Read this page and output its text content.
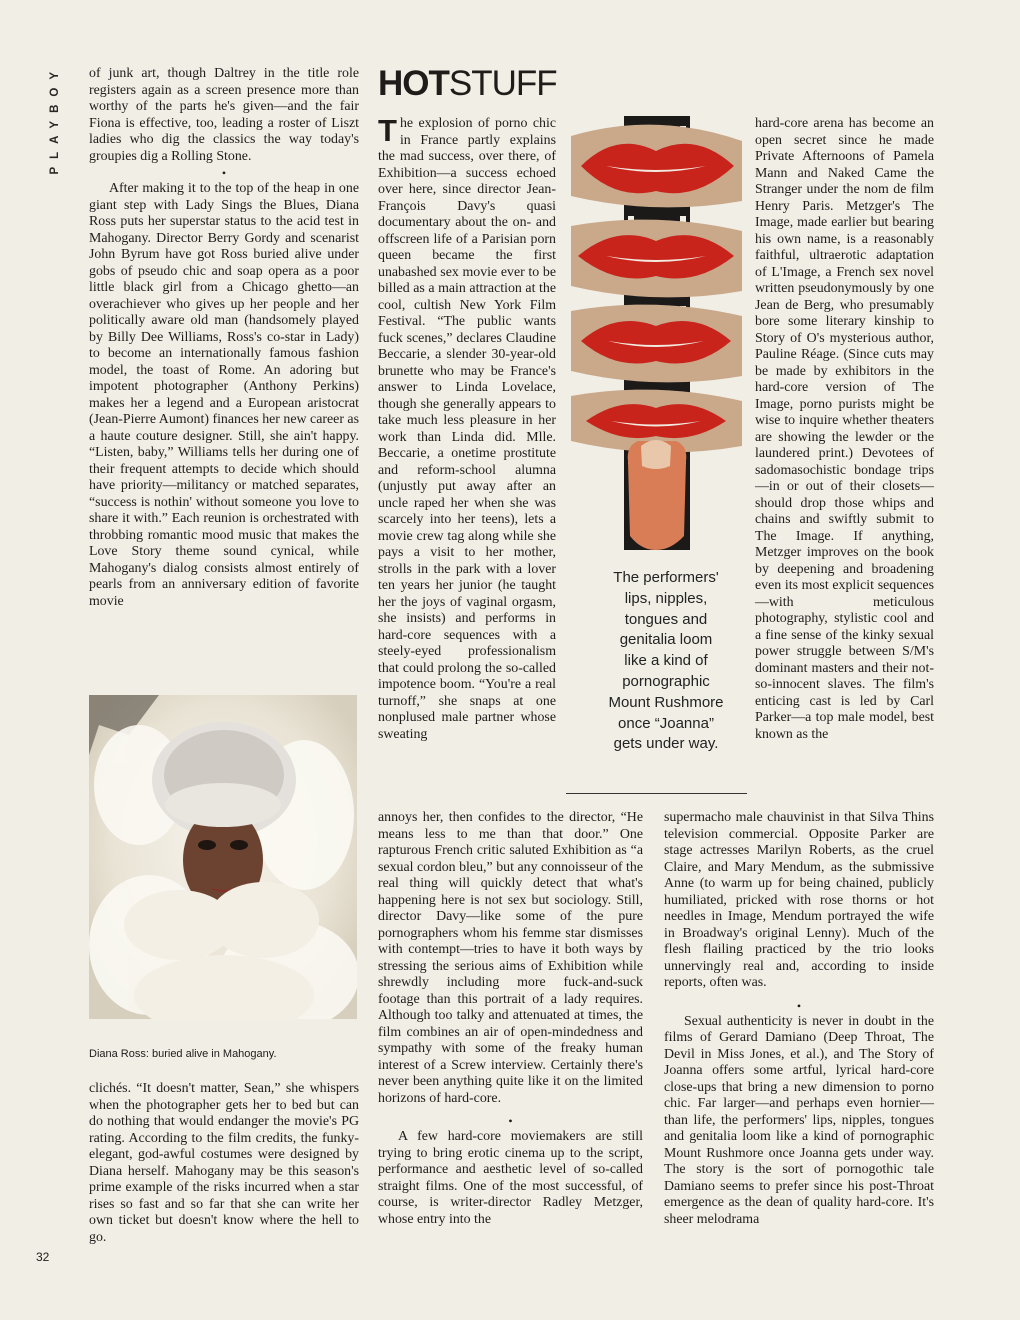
PLAYBOY
32
HOTSTUFF

of junk art, though Daltrey in the title role registers again as a screen presence more than worthy of the parts he's given—and the fair Fiona is effective, too, leading a roster of Liszt ladies who dig the classics the way today's groupies dig a Rolling Stone.

•

After making it to the top of the heap in one giant step with Lady Sings the Blues, Diana Ross puts her superstar status to the acid test in Mahogany. Director Berry Gordy and scenarist John Byrum have got Ross buried alive under gobs of pseudo chic and soap opera as a poor little black girl from a Chicago ghetto—an overachiever who gives up her people and her politically aware old man (handsomely played by Billy Dee Williams, Ross's co-star in Lady) to become an internationally famous fashion model, the toast of Rome. An adoring but impotent photographer (Anthony Perkins) makes her a legend and a European aristocrat (Jean-Pierre Aumont) finances her new career as a haute couture designer. Still, she ain't happy. “Listen, baby,” Williams tells her during one of their frequent attempts to decide which should have priority—militancy or matched separates, “success is nothin' without someone you love to share it with.” Each reunion is orchestrated with throbbing romantic mood music that makes the Love Story theme sound cynical, while Mahogany's dialog consists almost entirely of pearls from an anniversary edition of favorite movie

Diana Ross: buried alive in Mahogany.

clichés. “It doesn't matter, Sean,” she whispers when the photographer gets her to bed but can do nothing that would endanger the movie's PG rating. According to the film credits, the funky-elegant, god-awful costumes were designed by Diana herself. Mahogany may be this season's prime example of the risks incurred when a star rises so fast and so far that she can write her own ticket but doesn't know where the hell to go.

The explosion of porno chic in France partly explains the mad success, over there, of Exhibition—a success echoed over here, since director Jean-François Davy's quasi documentary about the on- and offscreen life of a Parisian porn queen became the first unabashed sex movie ever to be billed as a main attraction at the cool, cultish New York Film Festival. “The public wants fuck scenes,” declares Claudine Beccarie, a slender 30-year-old brunette who may be France's answer to Linda Lovelace, though she generally appears to take much less pleasure in her work than Linda did. Mlle. Beccarie, a onetime prostitute and reform-school alumna (unjustly put away after an uncle raped her when she was scarcely into her teens), lets a movie crew tag along while she pays a visit to her mother, strolls in the park with a lover ten years her junior (he taught her the joys of vaginal orgasm, she insists) and performs in hard-core sequences with a steely-eyed professionalism that could prolong the so-called impotence boom. “You're a real turnoff,” she snaps at one nonplused male partner whose sweating

The performers'
lips, nipples,
tongues and
genitalia loom
like a kind of
pornographic
Mount Rushmore
once “Joanna”
gets under way.

annoys her, then confides to the director, “He means less to me than that door.” One rapturous French critic saluted Exhibition as “a sexual cordon bleu,” but any connoisseur of the real thing will quickly detect that what's happening here is not sex but sociology. Still, director Davy—like some of the pure pornographers whom his femme star dismisses with contempt—tries to have it both ways by stressing the serious aims of Exhibition while shrewdly including more fuck-and-suck footage than this portrait of a lady requires. Although too talky and attenuated at times, the film combines an air of open-mindedness and sympathy with some of the freaky human interest of a Screw interview. Certainly there's never been anything quite like it on the limited horizons of hard-core.

•

A few hard-core moviemakers are still trying to bring erotic cinema up to the script, performance and aesthetic level of so-called straight films. One of the most successful, of course, is writer-director Radley Metzger, whose entry into the

hard-core arena has become an open secret since he made Private Afternoons of Pamela Mann and Naked Came the Stranger under the nom de film Henry Paris. Metzger's The Image, made earlier but bearing his own name, is a reasonably faithful, ultraerotic adaptation of L'Image, a French sex novel written pseudonymously by one Jean de Berg, who presumably bore some literary kinship to Story of O's mysterious author, Pauline Réage. (Since cuts may be made by exhibitors in the hard-core version of The Image, porno purists might be wise to inquire whether theaters are showing the lewder or the laundered print.) Devotees of sadomasochistic bondage trips—in or out of their closets—should drop those whips and chains and swiftly submit to The Image. If anything, Metzger improves on the book by deepening and broadening even its most explicit sequences—with meticulous photography, stylistic cool and a fine sense of the kinky sexual power struggle between S/M's dominant masters and their not-so-innocent slaves. The film's enticing cast is led by Carl Parker—a top male model, best known as the

supermacho male chauvinist in that Silva Thins television commercial. Opposite Parker are stage actresses Marilyn Roberts, as the cruel Claire, and Mary Mendum, as the submissive Anne (to warm up for being chained, publicly humiliated, pricked with rose thorns or hot needles in Image, Mendum portrayed the wife in Broadway's original Lenny). Much of the flesh flailing practiced by the trio looks unnervingly real and, according to inside reports, often was.

•

Sexual authenticity is never in doubt in the films of Gerard Damiano (Deep Throat, The Devil in Miss Jones, et al.), and The Story of Joanna offers some artful, lyrical hard-core close-ups that bring a new dimension to porno chic. Far larger—and perhaps even hornier—than life, the performers' lips, nipples, tongues and genitalia loom like a kind of pornographic Mount Rushmore once Joanna gets under way. The story is the sort of pornogothic tale Damiano seems to prefer since his post-Throat emergence as the dean of quality hard-core. It's sheer melodrama
